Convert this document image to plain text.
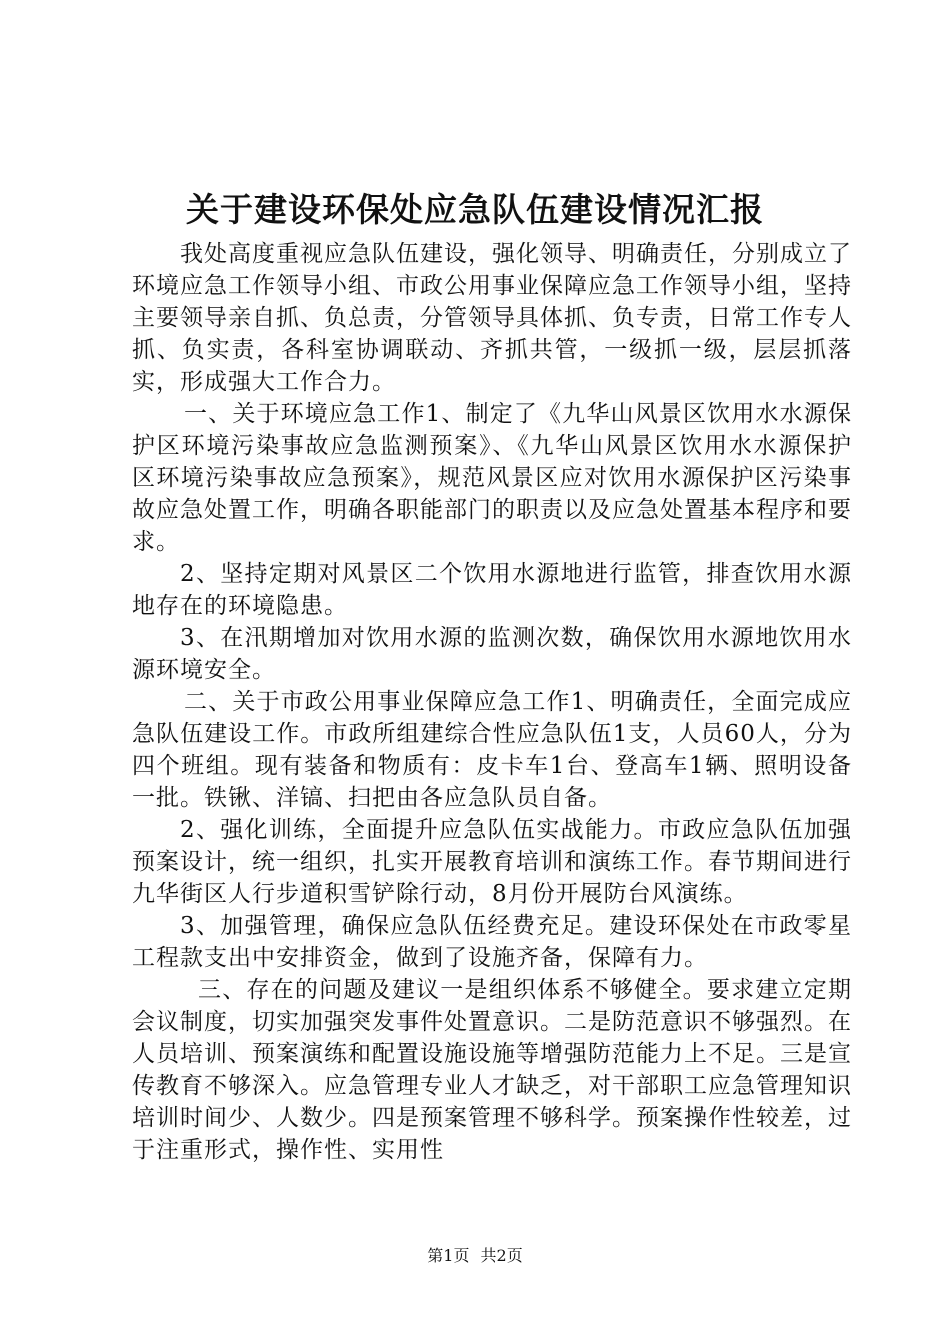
关于建设环保处应急队伍建设情况汇报

我处高度重视应急队伍建设，强化领导、明确责任，分别成立了环境应急工作领导小组、市政公用事业保障应急工作领导小组，坚持主要领导亲自抓、负总责，分管领导具体抓、负专责，日常工作专人抓、负实责，各科室协调联动、齐抓共管，一级抓一级，层层抓落实，形成强大工作合力。

一、关于环境应急工作1、制定了《九华山风景区饮用水水源保护区环境污染事故应急监测预案》、《九华山风景区饮用水水源保护区环境污染事故应急预案》，规范风景区应对饮用水源保护区污染事故应急处置工作，明确各职能部门的职责以及应急处置基本程序和要求。

2、坚持定期对风景区二个饮用水源地进行监管，排查饮用水源地存在的环境隐患。

3、在汛期增加对饮用水源的监测次数，确保饮用水源地饮用水源环境安全。

二、关于市政公用事业保障应急工作1、明确责任，全面完成应急队伍建设工作。市政所组建综合性应急队伍1支，人员60人，分为四个班组。现有装备和物质有：皮卡车1台、登高车1辆、照明设备一批。铁锹、洋镐、扫把由各应急队员自备。

2、强化训练，全面提升应急队伍实战能力。市政应急队伍加强预案设计，统一组织，扎实开展教育培训和演练工作。春节期间进行九华街区人行步道积雪铲除行动，8月份开展防台风演练。

3、加强管理，确保应急队伍经费充足。建设环保处在市政零星工程款支出中安排资金，做到了设施齐备，保障有力。

三、存在的问题及建议一是组织体系不够健全。要求建立定期会议制度，切实加强突发事件处置意识。二是防范意识不够强烈。在人员培训、预案演练和配置设施设施等增强防范能力上不足。三是宣传教育不够深入。应急管理专业人才缺乏，对干部职工应急管理知识培训时间少、人数少。四是预案管理不够科学。预案操作性较差，过于注重形式，操作性、实用性

第1页 共2页
